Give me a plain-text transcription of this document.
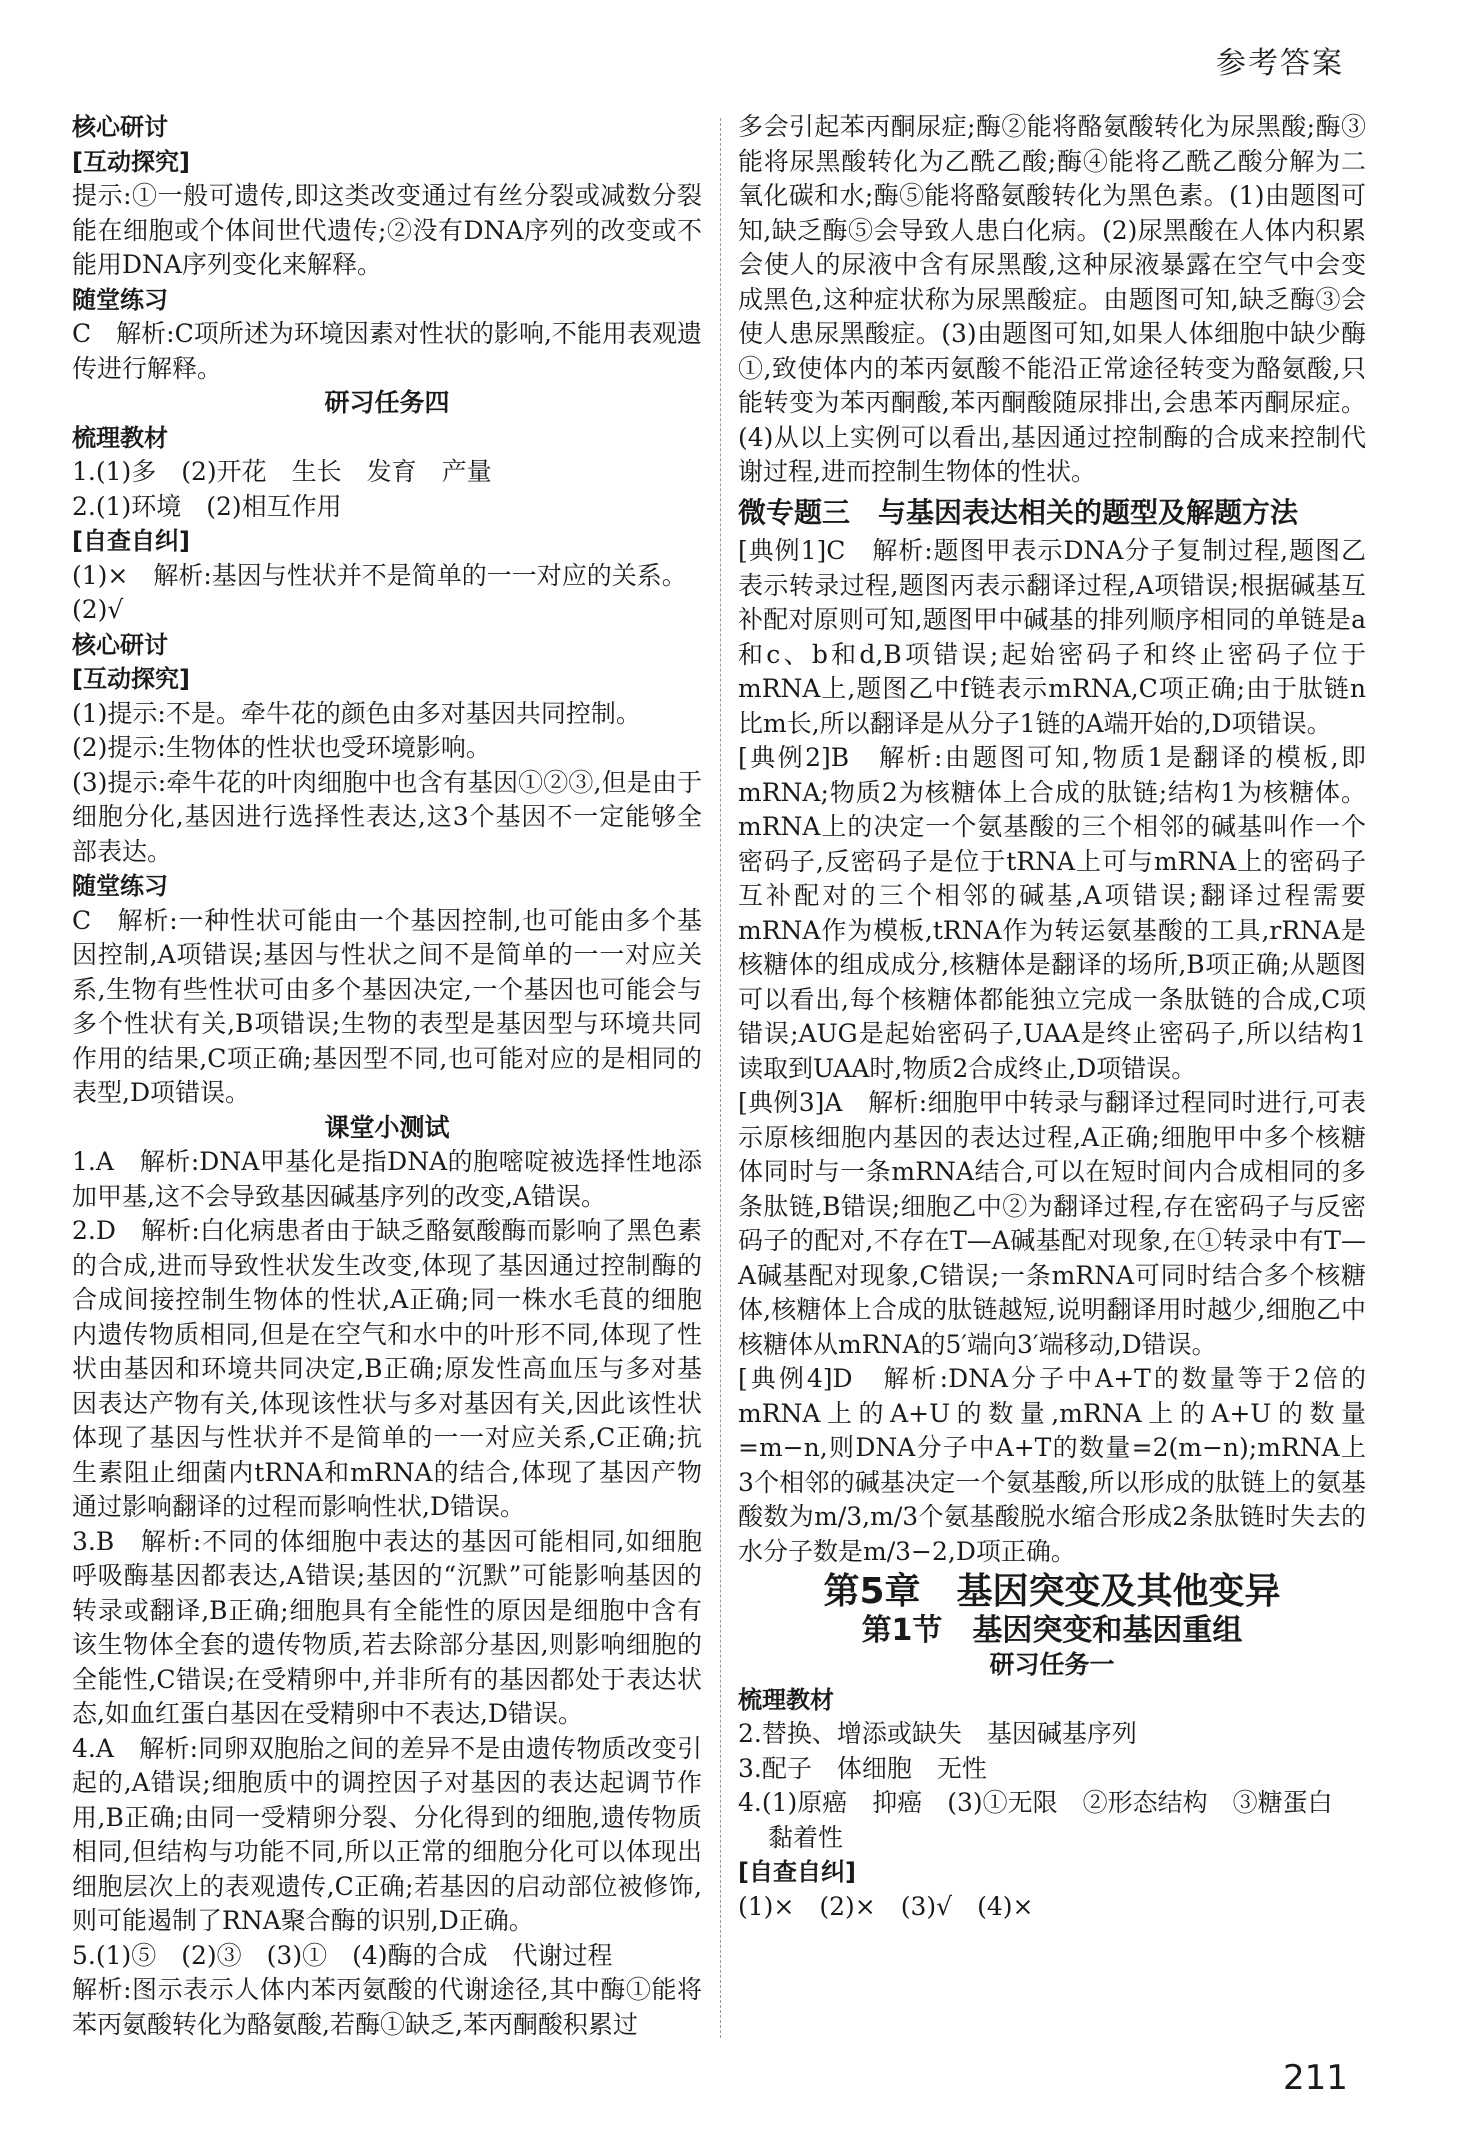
参考答案

核心研讨

[互动探究]

提示:①一般可遗传,即这类改变通过有丝分裂或减数分裂能在细胞或个体间世代遗传;②没有DNA序列的改变或不能用DNA序列变化来解释。

随堂练习

C　解析:C项所述为环境因素对性状的影响,不能用表观遗传进行解释。

研习任务四

梳理教材

1.(1)多　(2)开花　生长　发育　产量

2.(1)环境　(2)相互作用

[自查自纠]

(1)×　解析:基因与性状并不是简单的一一对应的关系。

(2)√

核心研讨

[互动探究]

(1)提示:不是。牵牛花的颜色由多对基因共同控制。

(2)提示:生物体的性状也受环境影响。

(3)提示:牵牛花的叶肉细胞中也含有基因①②③,但是由于细胞分化,基因进行选择性表达,这3个基因不一定能够全部表达。

随堂练习

C　解析:一种性状可能由一个基因控制,也可能由多个基因控制,A项错误;基因与性状之间不是简单的一一对应关系,生物有些性状可由多个基因决定,一个基因也可能会与多个性状有关,B项错误;生物的表型是基因型与环境共同作用的结果,C项正确;基因型不同,也可能对应的是相同的表型,D项错误。

课堂小测试

1.A　解析:DNA甲基化是指DNA的胞嘧啶被选择性地添加甲基,这不会导致基因碱基序列的改变,A错误。

2.D　解析:白化病患者由于缺乏酪氨酸酶而影响了黑色素的合成,进而导致性状发生改变,体现了基因通过控制酶的合成间接控制生物体的性状,A正确;同一株水毛茛的细胞内遗传物质相同,但是在空气和水中的叶形不同,体现了性状由基因和环境共同决定,B正确;原发性高血压与多对基因表达产物有关,体现该性状与多对基因有关,因此该性状体现了基因与性状并不是简单的一一对应关系,C正确;抗生素阻止细菌内tRNA和mRNA的结合,体现了基因产物通过影响翻译的过程而影响性状,D错误。

3.B　解析:不同的体细胞中表达的基因可能相同,如细胞呼吸酶基因都表达,A错误;基因的“沉默”可能影响基因的转录或翻译,B正确;细胞具有全能性的原因是细胞中含有该生物体全套的遗传物质,若去除部分基因,则影响细胞的全能性,C错误;在受精卵中,并非所有的基因都处于表达状态,如血红蛋白基因在受精卵中不表达,D错误。

4.A　解析:同卵双胞胎之间的差异不是由遗传物质改变引起的,A错误;细胞质中的调控因子对基因的表达起调节作用,B正确;由同一受精卵分裂、分化得到的细胞,遗传物质相同,但结构与功能不同,所以正常的细胞分化可以体现出细胞层次上的表观遗传,C正确;若基因的启动部位被修饰,则可能遏制了RNA聚合酶的识别,D正确。

5.(1)⑤　(2)③　(3)①　(4)酶的合成　代谢过程

解析:图示表示人体内苯丙氨酸的代谢途径,其中酶①能将苯丙氨酸转化为酪氨酸,若酶①缺乏,苯丙酮酸积累过

多会引起苯丙酮尿症;酶②能将酪氨酸转化为尿黑酸;酶③能将尿黑酸转化为乙酰乙酸;酶④能将乙酰乙酸分解为二氧化碳和水;酶⑤能将酪氨酸转化为黑色素。(1)由题图可知,缺乏酶⑤会导致人患白化病。(2)尿黑酸在人体内积累会使人的尿液中含有尿黑酸,这种尿液暴露在空气中会变成黑色,这种症状称为尿黑酸症。由题图可知,缺乏酶③会使人患尿黑酸症。(3)由题图可知,如果人体细胞中缺少酶①,致使体内的苯丙氨酸不能沿正常途径转变为酪氨酸,只能转变为苯丙酮酸,苯丙酮酸随尿排出,会患苯丙酮尿症。(4)从以上实例可以看出,基因通过控制酶的合成来控制代谢过程,进而控制生物体的性状。

微专题三　与基因表达相关的题型及解题方法

[典例1]C　解析:题图甲表示DNA分子复制过程,题图乙表示转录过程,题图丙表示翻译过程,A项错误;根据碱基互补配对原则可知,题图甲中碱基的排列顺序相同的单链是a和c、b和d,B项错误;起始密码子和终止密码子位于mRNA上,题图乙中f链表示mRNA,C项正确;由于肽链n比m长,所以翻译是从分子1链的A端开始的,D项错误。

[典例2]B　解析:由题图可知,物质1是翻译的模板,即mRNA;物质2为核糖体上合成的肽链;结构1为核糖体。mRNA上的决定一个氨基酸的三个相邻的碱基叫作一个密码子,反密码子是位于tRNA上可与mRNA上的密码子互补配对的三个相邻的碱基,A项错误;翻译过程需要mRNA作为模板,tRNA作为转运氨基酸的工具,rRNA是核糖体的组成成分,核糖体是翻译的场所,B项正确;从题图可以看出,每个核糖体都能独立完成一条肽链的合成,C项错误;AUG是起始密码子,UAA是终止密码子,所以结构1读取到UAA时,物质2合成终止,D项错误。

[典例3]A　解析:细胞甲中转录与翻译过程同时进行,可表示原核细胞内基因的表达过程,A正确;细胞甲中多个核糖体同时与一条mRNA结合,可以在短时间内合成相同的多条肽链,B错误;细胞乙中②为翻译过程,存在密码子与反密码子的配对,不存在T—A碱基配对现象,在①转录中有T—A碱基配对现象,C错误;一条mRNA可同时结合多个核糖体,核糖体上合成的肽链越短,说明翻译用时越少,细胞乙中核糖体从mRNA的5′端向3′端移动,D错误。

[典例4]D　解析:DNA分子中A+T的数量等于2倍的mRNA上的A+U的数量,mRNA上的A+U的数量=m−n,则DNA分子中A+T的数量=2(m−n);mRNA上3个相邻的碱基决定一个氨基酸,所以形成的肽链上的氨基酸数为m/3,m/3个氨基酸脱水缩合形成2条肽链时失去的水分子数是m/3−2,D项正确。

第5章　基因突变及其他变异

第1节　基因突变和基因重组

研习任务一

梳理教材

2.替换、增添或缺失　基因碱基序列

3.配子　体细胞　无性

4.(1)原癌　抑癌　(3)①无限　②形态结构　③糖蛋白

黏着性

[自查自纠]

(1)×　(2)×　(3)√　(4)×

211
